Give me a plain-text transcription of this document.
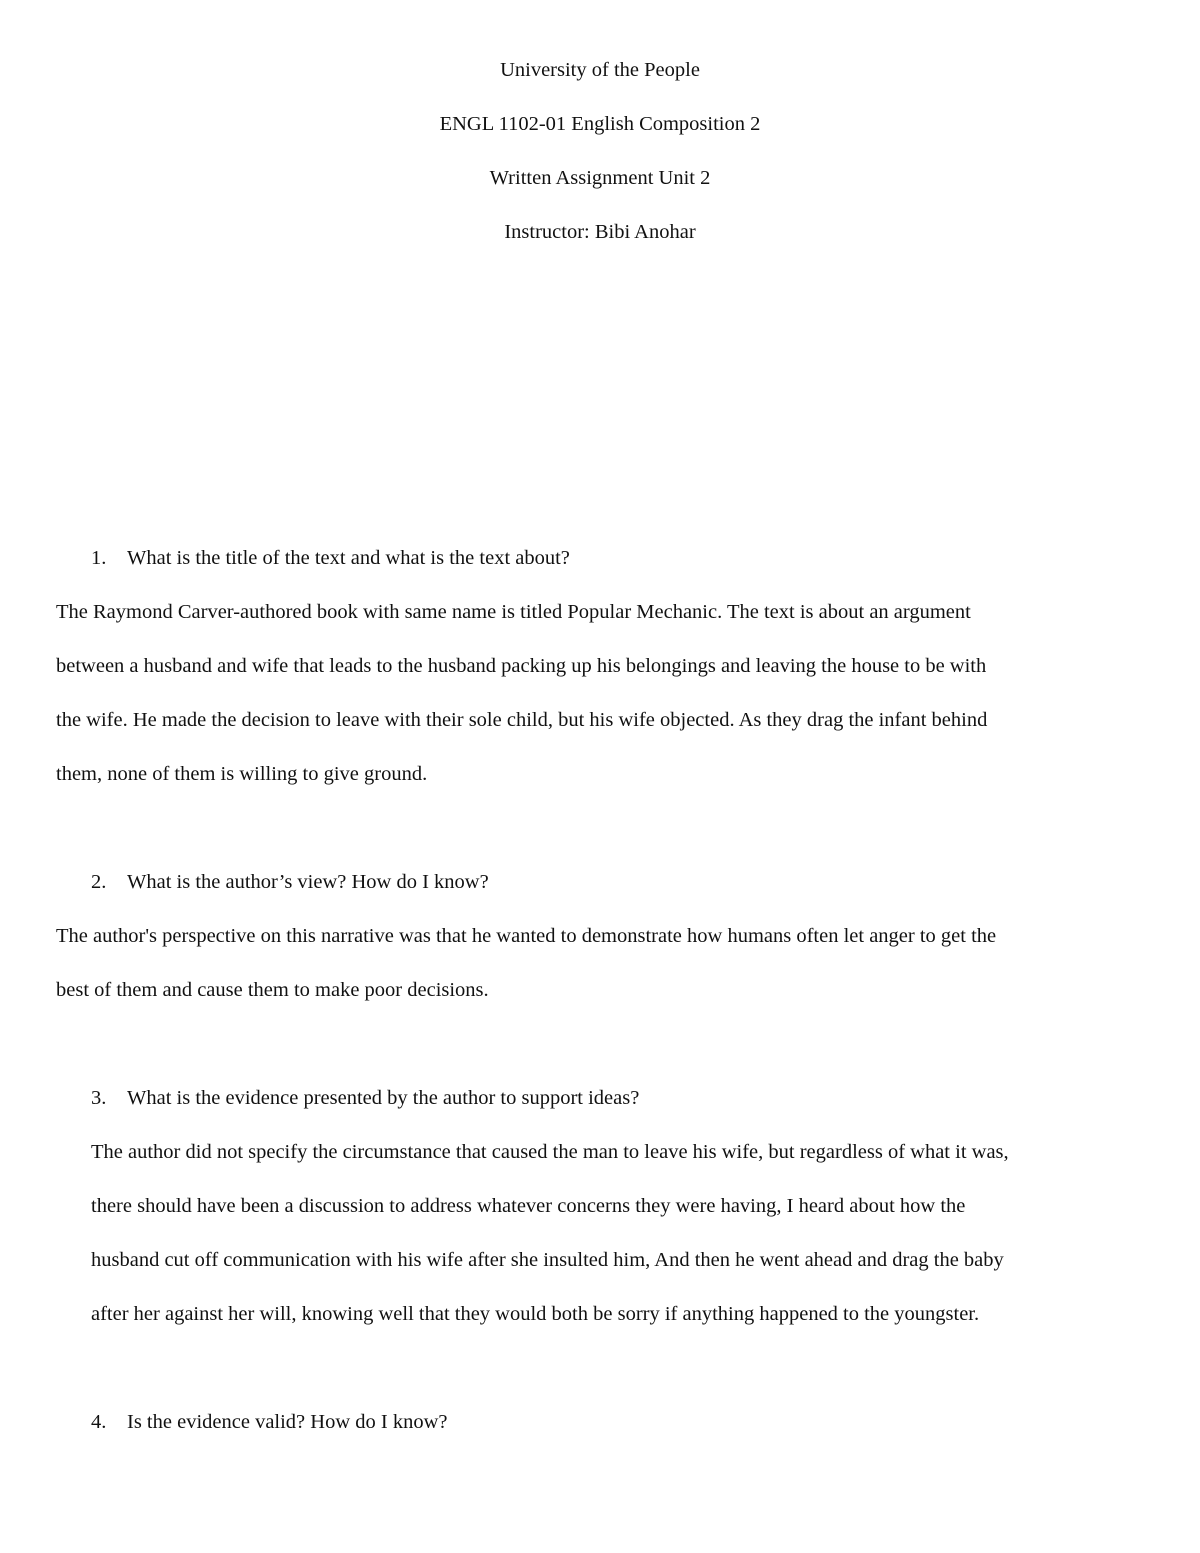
University of the People
ENGL 1102-01 English Composition 2
Written Assignment Unit 2
Instructor: Bibi Anohar
1. What is the title of the text and what is the text about?
The Raymond Carver-authored book with same name is titled Popular Mechanic. The text is about an argument
between a husband and wife that leads to the husband packing up his belongings and leaving the house to be with
the wife. He made the decision to leave with their sole child, but his wife objected. As they drag the infant behind
them, none of them is willing to give ground.
2. What is the author’s view? How do I know?
The author's perspective on this narrative was that he wanted to demonstrate how humans often let anger to get the
best of them and cause them to make poor decisions.
3. What is the evidence presented by the author to support ideas?
The author did not specify the circumstance that caused the man to leave his wife, but regardless of what it was,
there should have been a discussion to address whatever concerns they were having, I heard about how the
husband cut off communication with his wife after she insulted him, And then he went ahead and drag the baby
after her against her will, knowing well that they would both be sorry if anything happened to the youngster.
4. Is the evidence valid? How do I know?
